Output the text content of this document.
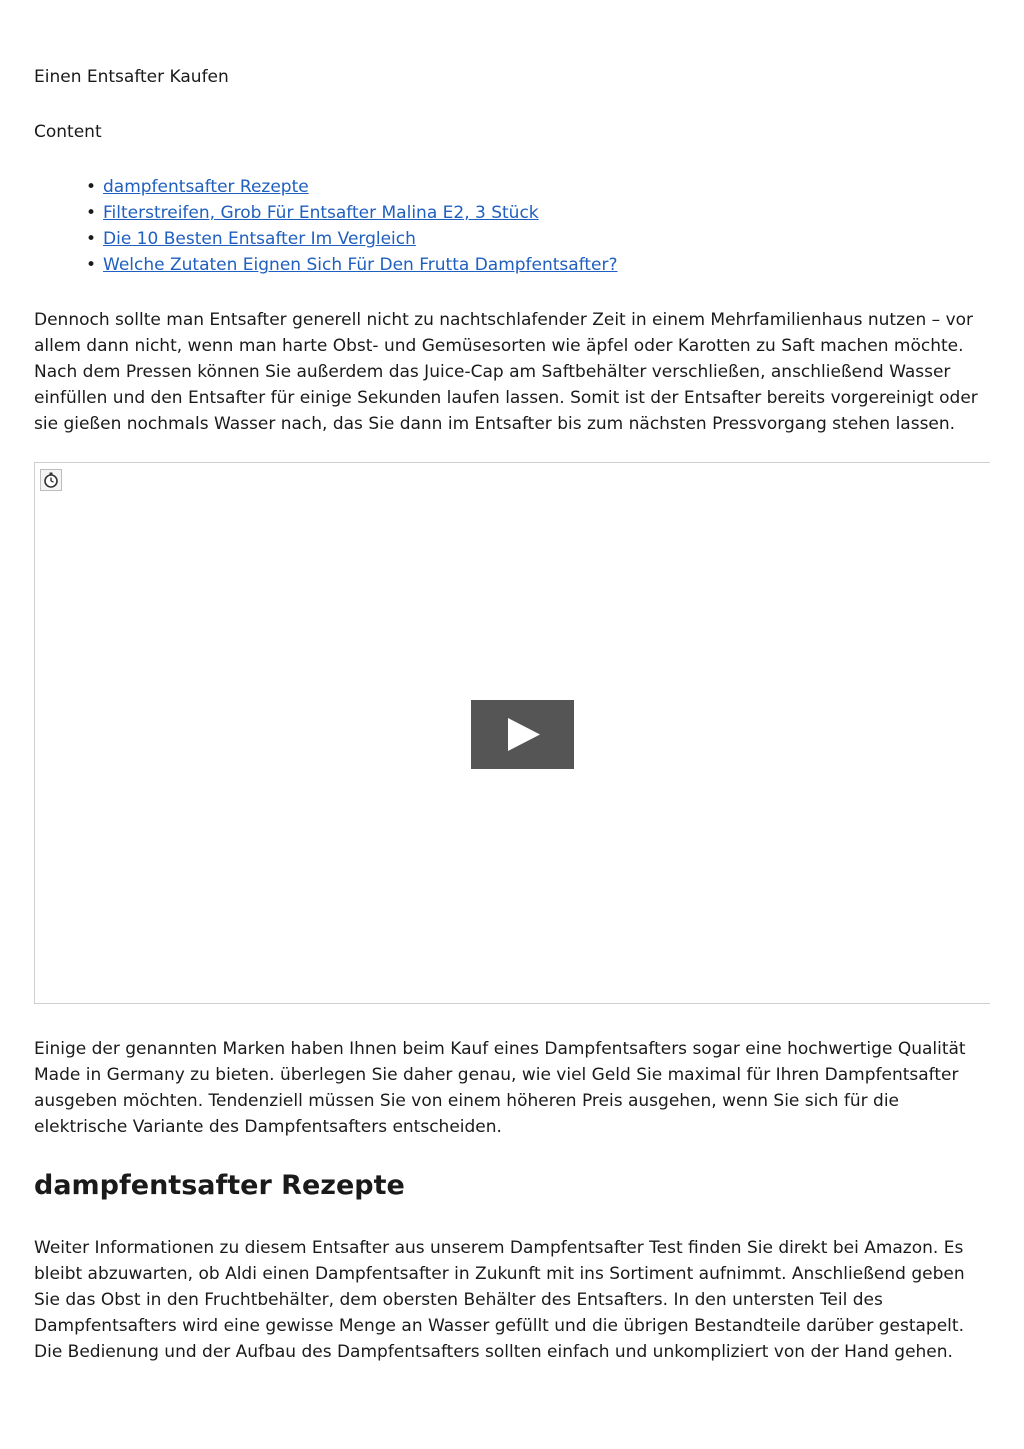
Einen Entsafter Kaufen
Content
• dampfentsafter Rezepte
• Filterstreifen, Grob Für Entsafter Malina E2, 3 Stück
• Die 10 Besten Entsafter Im Vergleich
• Welche Zutaten Eignen Sich Für Den Frutta Dampfentsafter?

Dennoch sollte man Entsafter generell nicht zu nachtschlafender Zeit in einem Mehrfamilienhaus nutzen – vor allem dann nicht, wenn man harte Obst- und Gemüsesorten wie äpfel oder Karotten zu Saft machen möchte. Nach dem Pressen können Sie außerdem das Juice-Cap am Saftbehälter verschließen, anschließend Wasser einfüllen und den Entsafter für einige Sekunden laufen lassen. Somit ist der Entsafter bereits vorgereinigt oder sie gießen nochmals Wasser nach, das Sie dann im Entsafter bis zum nächsten Pressvorgang stehen lassen.

Einige der genannten Marken haben Ihnen beim Kauf eines Dampfentsafters sogar eine hochwertige Qualität Made in Germany zu bieten. überlegen Sie daher genau, wie viel Geld Sie maximal für Ihren Dampfentsafter ausgeben möchten. Tendenziell müssen Sie von einem höheren Preis ausgehen, wenn Sie sich für die elektrische Variante des Dampfentsafters entscheiden.

dampfentsafter Rezepte

Weiter Informationen zu diesem Entsafter aus unserem Dampfentsafter Test finden Sie direkt bei Amazon. Es bleibt abzuwarten, ob Aldi einen Dampfentsafter in Zukunft mit ins Sortiment aufnimmt. Anschließend geben Sie das Obst in den Fruchtbehälter, dem obersten Behälter des Entsafters. In den untersten Teil des Dampfentsafters wird eine gewisse Menge an Wasser gefüllt und die übrigen Bestandteile darüber gestapelt. Die Bedienung und der Aufbau des Dampfentsafters sollten einfach und unkompliziert von der Hand gehen.
